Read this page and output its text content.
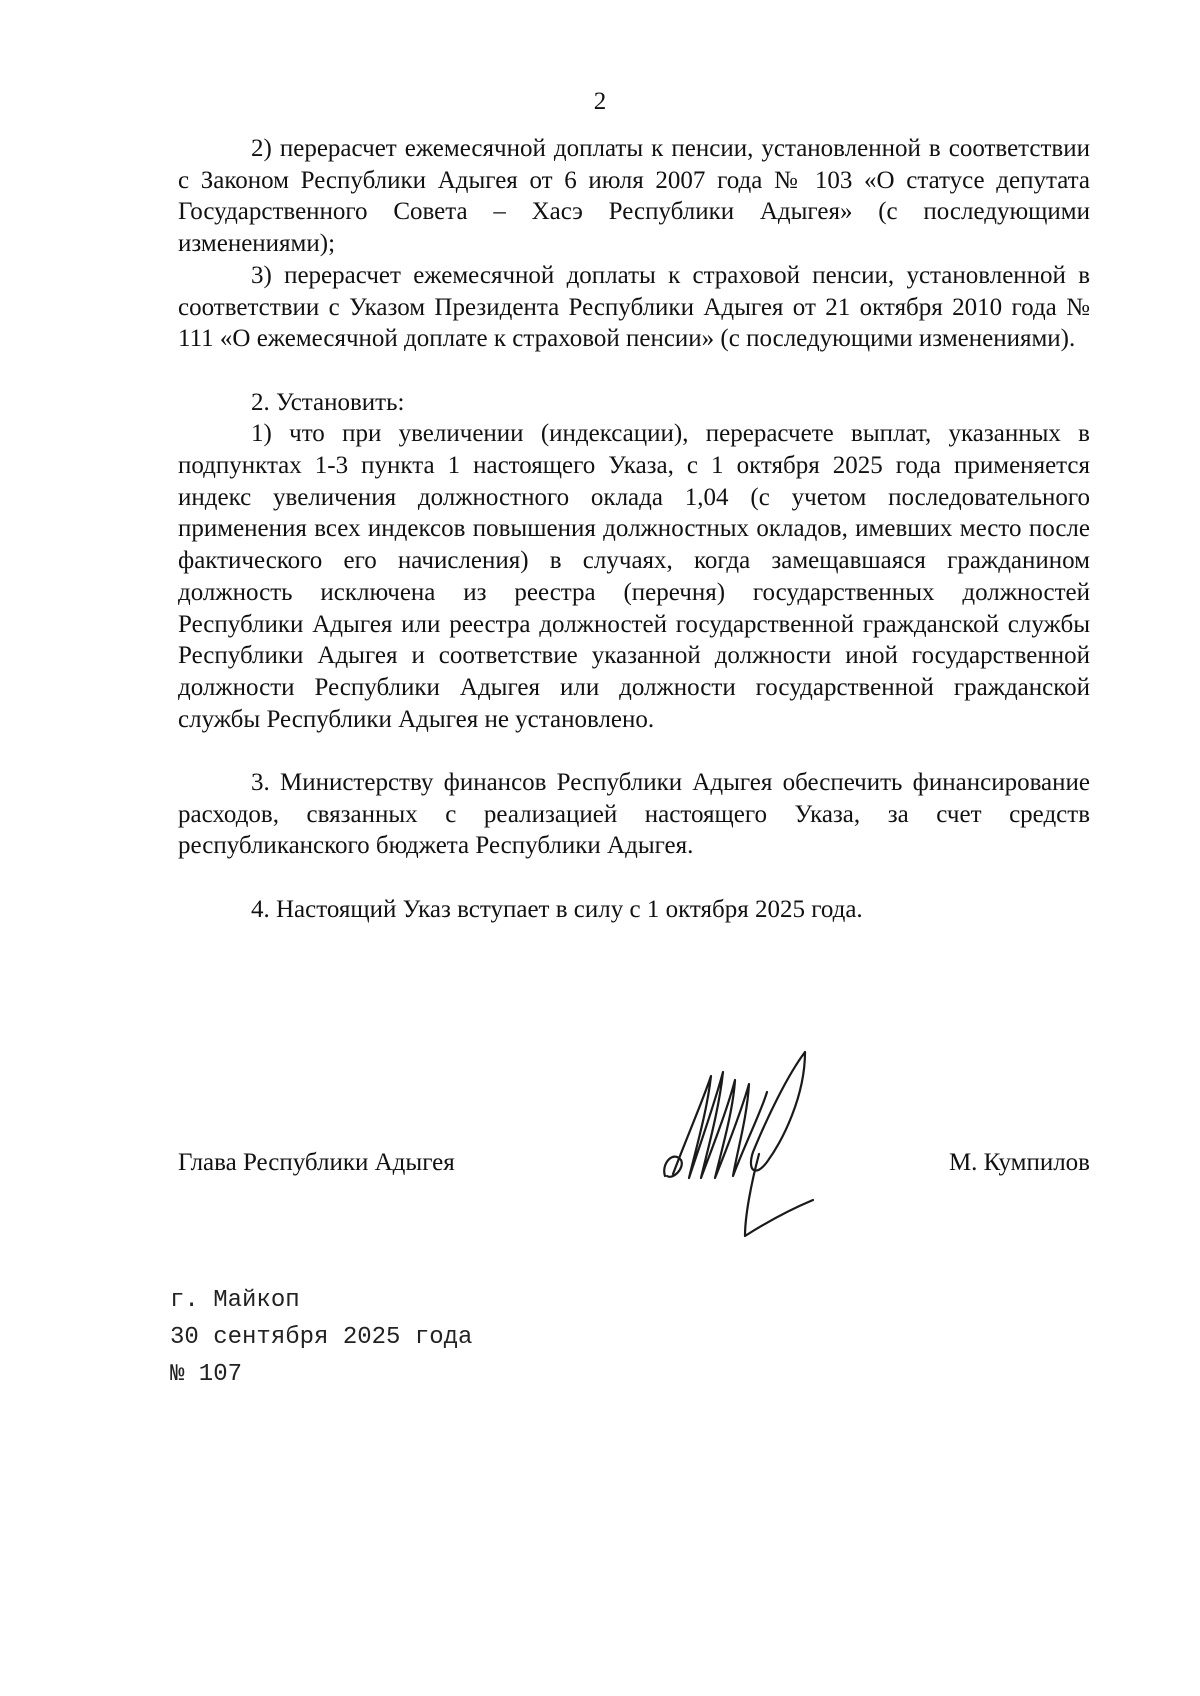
2

2) перерасчет ежемесячной доплаты к пенсии, установленной в соответствии с Законом Республики Адыгея от 6 июля 2007 года № 103 «О статусе депутата Государственного Совета – Хасэ Республики Адыгея» (с последующими изменениями);

3) перерасчет ежемесячной доплаты к страховой пенсии, установленной в соответствии с Указом Президента Республики Адыгея от 21 октября 2010 года № 111 «О ежемесячной доплате к страховой пенсии» (с последующими изменениями).

2. Установить:

1) что при увеличении (индексации), перерасчете выплат, указанных в подпунктах 1-3 пункта 1 настоящего Указа, с 1 октября 2025 года применяется индекс увеличения должностного оклада 1,04 (с учетом последовательного применения всех индексов повышения должностных окладов, имевших место после фактического его начисления) в случаях, когда замещавшаяся гражданином должность исключена из реестра (перечня) государственных должностей Республики Адыгея или реестра должностей государственной гражданской службы Республики Адыгея и соответствие указанной должности иной государственной должности Республики Адыгея или должности государственной гражданской службы Республики Адыгея не установлено.

3. Министерству финансов Республики Адыгея обеспечить финансирование расходов, связанных с реализацией настоящего Указа, за счет средств республиканского бюджета Республики Адыгея.

4. Настоящий Указ вступает в силу с 1 октября 2025 года.

Глава Республики Адыгея	М. Кумпилов
г. Майкоп
30 сентября 2025 года
№ 107
